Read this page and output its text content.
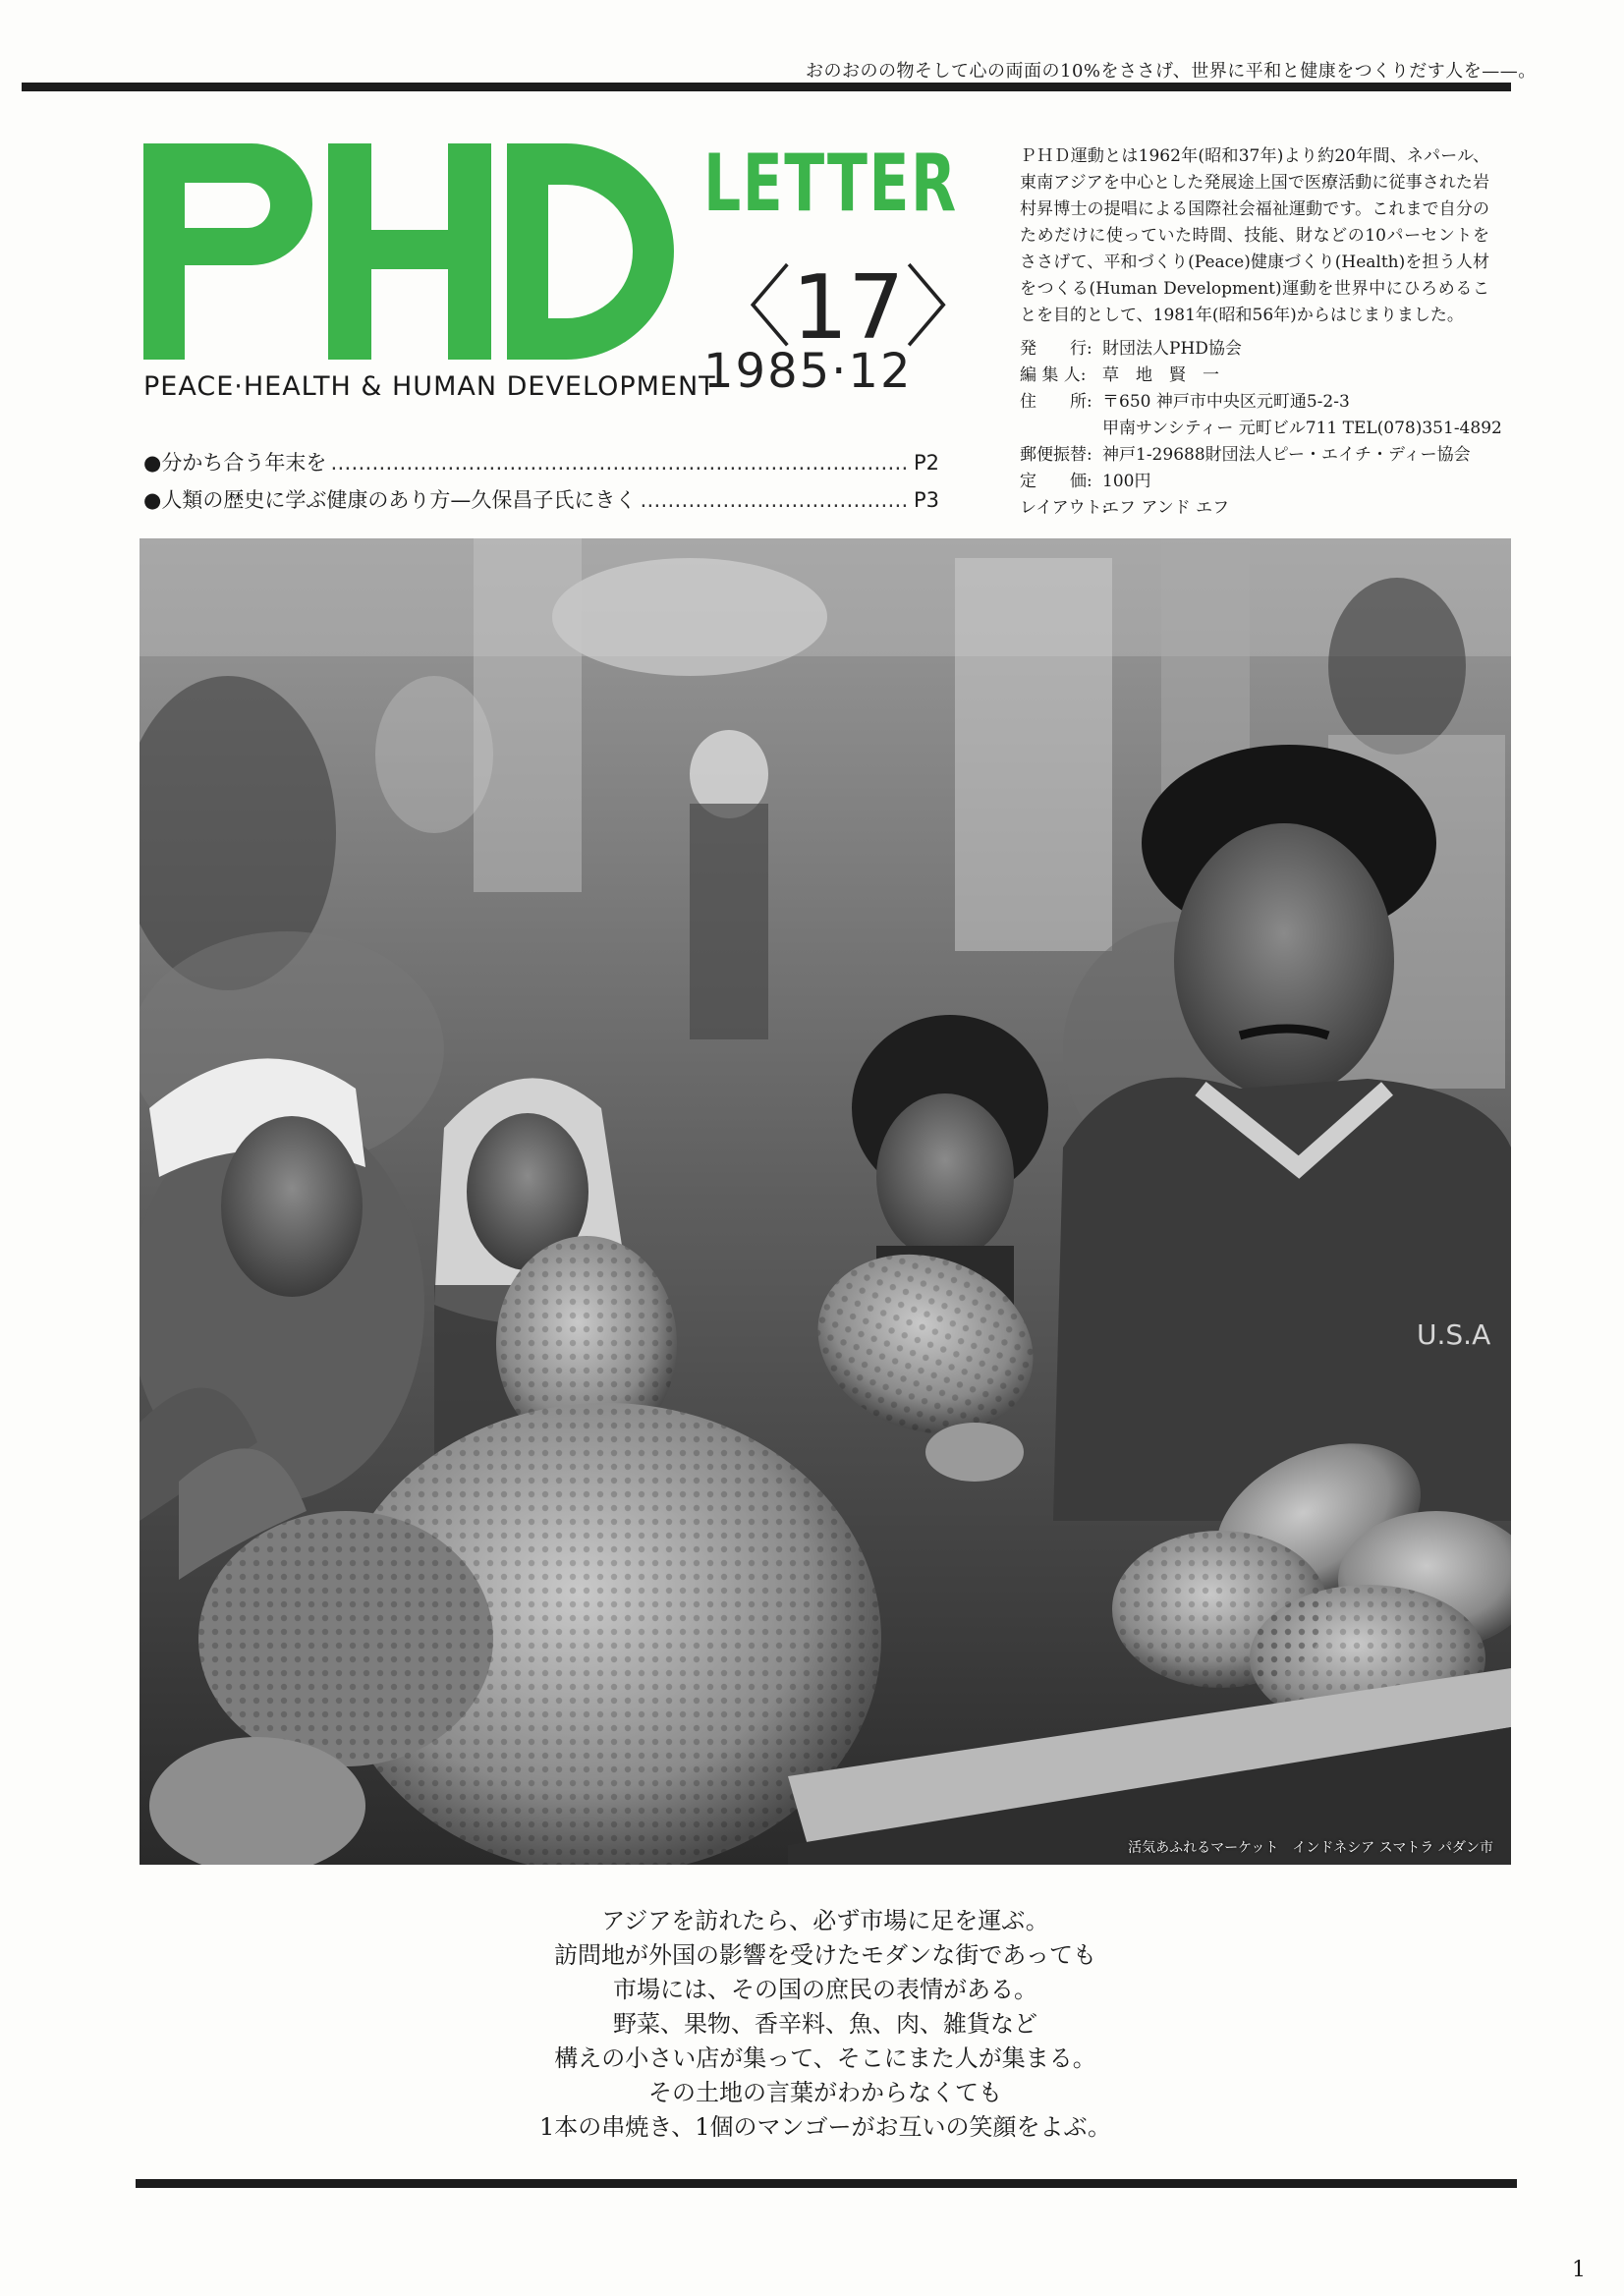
おのおのの物そして心の両面の10%をささげ、世界に平和と健康をつくりだす人を——。
PEACE·HEALTH & HUMAN DEVELOPMENT
LETTER
〈17〉
1985·12
ＰＨＤ運動とは1962年(昭和37年)より約20年間、ネパール、東南アジアを中心とした発展途上国で医療活動に従事された岩村昇博士の提唱による国際社会福祉運動です。これまで自分のためだけに使っていた時間、技能、財などの10パーセントをささげて、平和づくり(Peace)健康づくり(Health)を担う人材をつくる(Human Development)運動を世界中にひろめることを目的として、1981年(昭和56年)からはじまりました。
発　　行: 財団法人PHD協会
編 集 人: 草　地　賢　一
住　　所: 〒650 神戸市中央区元町通5-2-3
甲南サンシティー 元町ビル711 TEL(078)351-4892
郵便振替: 神戸1-29688財団法人ピー・エイチ・ディー協会
定　　価: 100円
レイアウト:
エフ アンド エフ
●分かち合う年末を ……………………………………………………………………………………………………………………………………………………	P2
●人類の歴史に学ぶ健康のあり方—久保昌子氏にきく ……………………………………………………………………………………………………………………………………………………	P3
U.S.A
活気あふれるマーケット　インドネシア スマトラ パダン市
アジアを訪れたら、必ず市場に足を運ぶ。
訪問地が外国の影響を受けたモダンな街であっても
市場には、その国の庶民の表情がある。
野菜、果物、香辛料、魚、肉、雑貨など
構えの小さい店が集って、そこにまた人が集まる。
その土地の言葉がわからなくても
1本の串焼き、1個のマンゴーがお互いの笑顔をよぶ。
1
